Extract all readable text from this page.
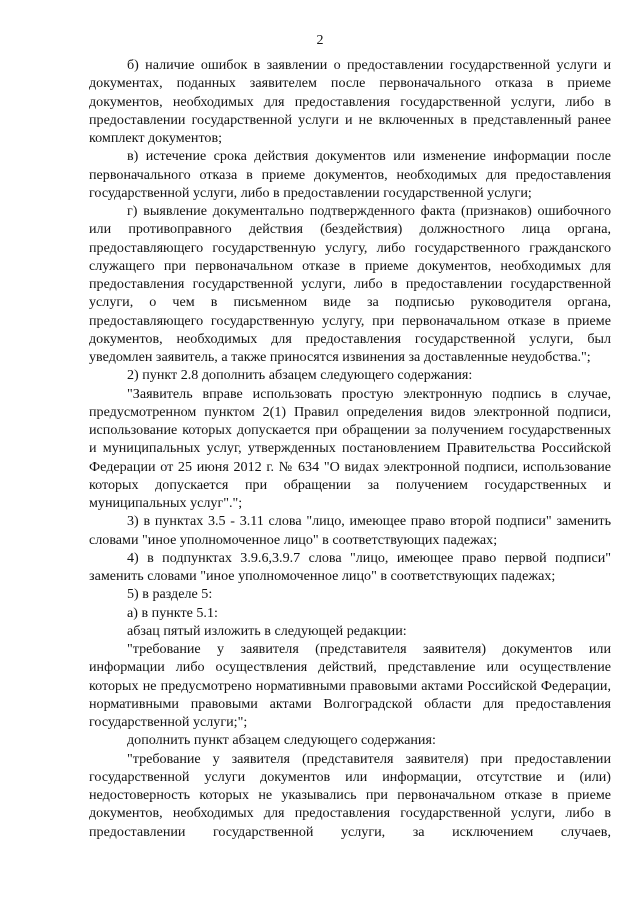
2

б) наличие ошибок в заявлении о предоставлении государственной услуги и документах, поданных заявителем после первоначального отказа в приеме документов, необходимых для предоставления государственной услуги, либо в предоставлении государственной услуги и не включенных в представленный ранее комплект документов;

в) истечение срока действия документов или изменение информации после первоначального отказа в приеме документов, необходимых для предоставления государственной услуги, либо в предоставлении государственной услуги;

г) выявление документально подтвержденного факта (признаков) ошибочного или противоправного действия (бездействия) должностного лица органа, предоставляющего государственную услугу, либо государственного гражданского служащего при первоначальном отказе в приеме документов, необходимых для предоставления государственной услуги, либо в предоставлении государственной услуги, о чем в письменном виде за подписью руководителя органа, предоставляющего государственную услугу, при первоначальном отказе в приеме документов, необходимых для предоставления государственной услуги, был уведомлен заявитель, а также приносятся извинения за доставленные неудобства.";

2) пункт 2.8 дополнить абзацем следующего содержания:

"Заявитель вправе использовать простую электронную подпись в случае, предусмотренном пунктом 2(1) Правил определения видов электронной подписи, использование которых допускается при обращении за получением государственных и муниципальных услуг, утвержденных постановлением Правительства Российской Федерации от 25 июня 2012 г. № 634 "О видах электронной подписи, использование которых допускается при обращении за получением государственных и муниципальных услуг".";

3) в пунктах 3.5 - 3.11 слова "лицо, имеющее право второй подписи" заменить словами "иное уполномоченное лицо" в соответствующих падежах;

4) в подпунктах 3.9.6,3.9.7 слова "лицо, имеющее право первой подписи" заменить словами "иное уполномоченное лицо" в соответствующих падежах;

5) в разделе 5:

а) в пункте 5.1:

абзац пятый изложить в следующей редакции:

"требование у заявителя (представителя заявителя) документов или информации либо осуществления действий, представление или осуществление которых не предусмотрено нормативными правовыми актами Российской Федерации, нормативными правовыми актами Волгоградской области для предоставления государственной услуги;";

дополнить пункт абзацем следующего содержания:

"требование у заявителя (представителя заявителя) при предоставлении государственной услуги документов или информации, отсутствие и (или) недостоверность которых не указывались при первоначальном отказе в приеме документов, необходимых для предоставления государственной услуги, либо в предоставлении государственной услуги, за исключением случаев,
